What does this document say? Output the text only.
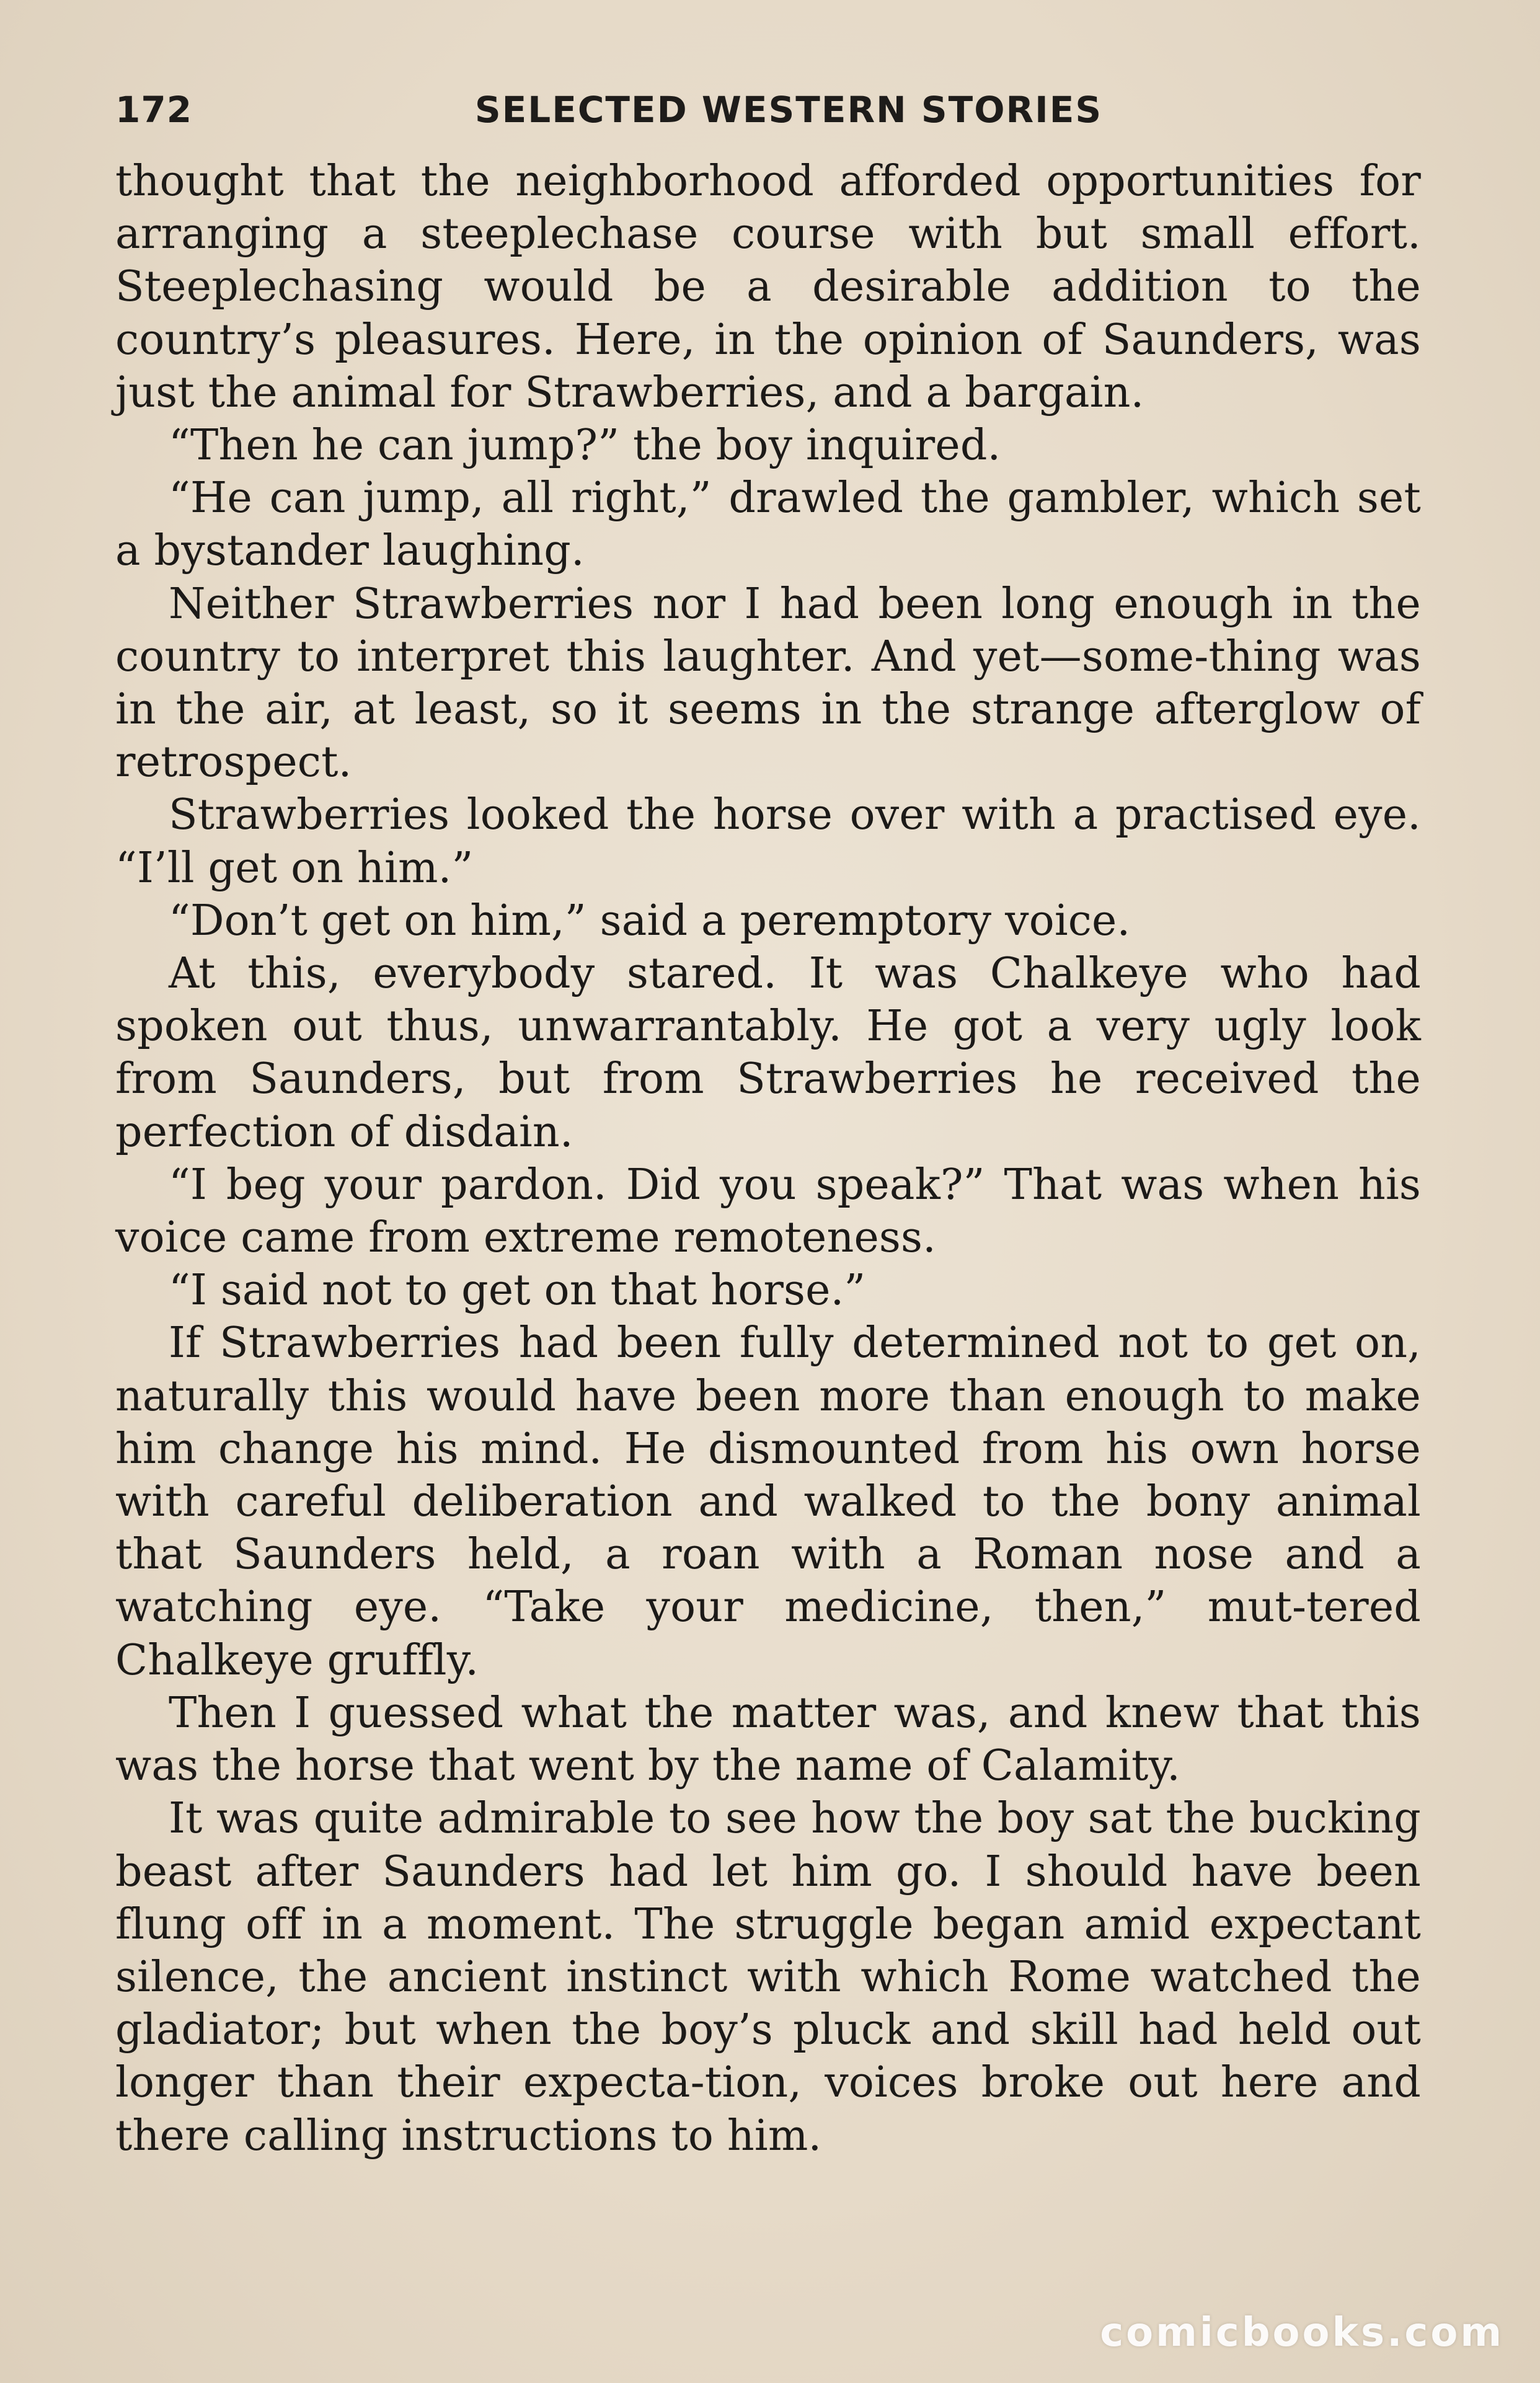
172	SELECTED WESTERN STORIES

thought that the neighborhood afforded opportunities for arranging a steeplechase course with but small effort. Steeplechasing would be a desirable addition to the country’s pleasures. Here, in the opinion of Saunders, was just the animal for Strawberries, and a bargain.

“Then he can jump?” the boy inquired.

“He can jump, all right,” drawled the gambler, which set a bystander laughing.

Neither Strawberries nor I had been long enough in the country to interpret this laughter. And yet—some-thing was in the air, at least, so it seems in the strange afterglow of retrospect.

Strawberries looked the horse over with a practised eye. “I’ll get on him.”

“Don’t get on him,” said a peremptory voice.

At this, everybody stared. It was Chalkeye who had spoken out thus, unwarrantably. He got a very ugly look from Saunders, but from Strawberries he received the perfection of disdain.

“I beg your pardon. Did you speak?” That was when his voice came from extreme remoteness.

“I said not to get on that horse.”

If Strawberries had been fully determined not to get on, naturally this would have been more than enough to make him change his mind. He dismounted from his own horse with careful deliberation and walked to the bony animal that Saunders held, a roan with a Roman nose and a watching eye. “Take your medicine, then,” mut-tered Chalkeye gruffly.

Then I guessed what the matter was, and knew that this was the horse that went by the name of Calamity.

It was quite admirable to see how the boy sat the bucking beast after Saunders had let him go. I should have been flung off in a moment. The struggle began amid expectant silence, the ancient instinct with which Rome watched the gladiator; but when the boy’s pluck and skill had held out longer than their expecta-tion, voices broke out here and there calling instructions to him.

comicbooks.com
